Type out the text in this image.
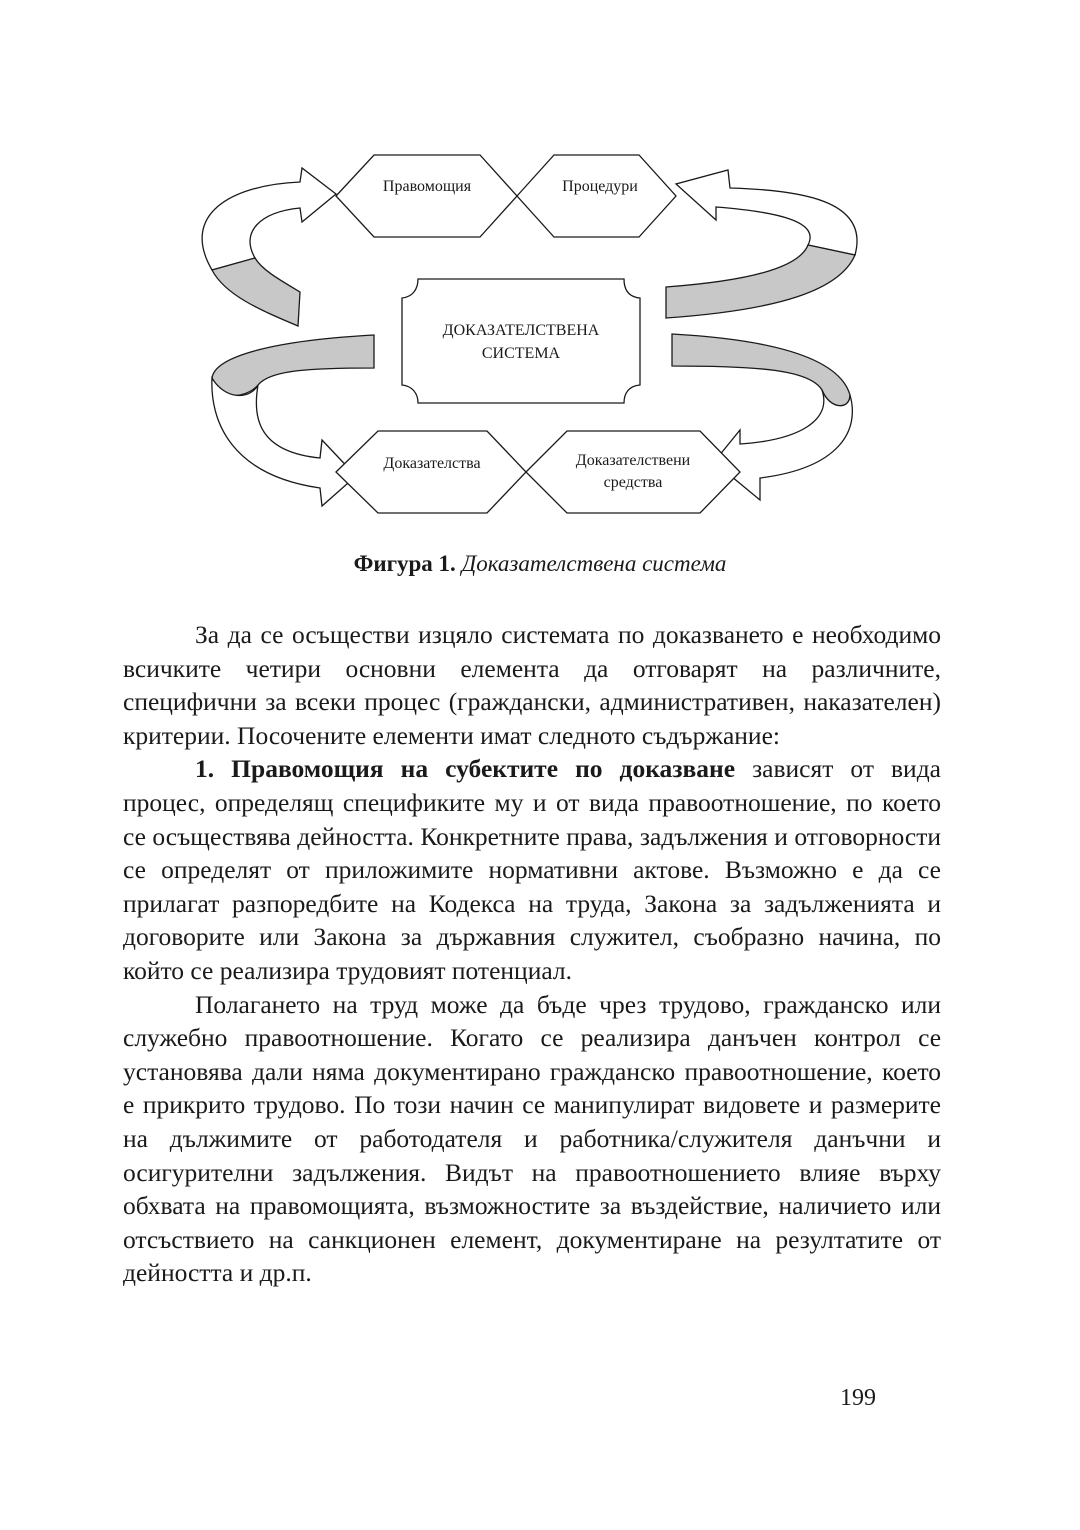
Правомощия	Процедури
ДОКАЗАТЕЛСТВЕНА
СИСТЕМА
Доказателства	Доказателствени
средства
Фигура 1. Доказателствена система

За да се осъществи изцяло системата по доказването е необходимо всичките четири основни елемента да отговарят на различните, специфични за всеки процес (граждански, административен, наказателен) критерии. Посочените елементи имат следното съдържание:

1. Правомощия на субектите по доказване зависят от вида процес, определящ спецификите му и от вида правоотношение, по което се осъществява дейността. Конкретните права, задължения и отговорности се определят от приложимите нормативни актове. Възможно е да се прилагат разпоредбите на Кодекса на труда, Закона за задълженията и договорите или Закона за държавния служител, съобразно начина, по който се реализира трудовият потенциал.

Полагането на труд може да бъде чрез трудово, гражданско или служебно правоотношение. Когато се реализира данъчен контрол се установява дали няма документирано гражданско правоотношение, което е прикрито трудово. По този начин се манипулират видовете и размерите на дължимите от работодателя и работника/служителя данъчни и осигурителни задължения. Видът на правоотношението влияе върху обхвата на правомощията, възможностите за въздействие, наличието или отсъствието на санкционен елемент, документиране на резултатите от дейността и др.п.

199
